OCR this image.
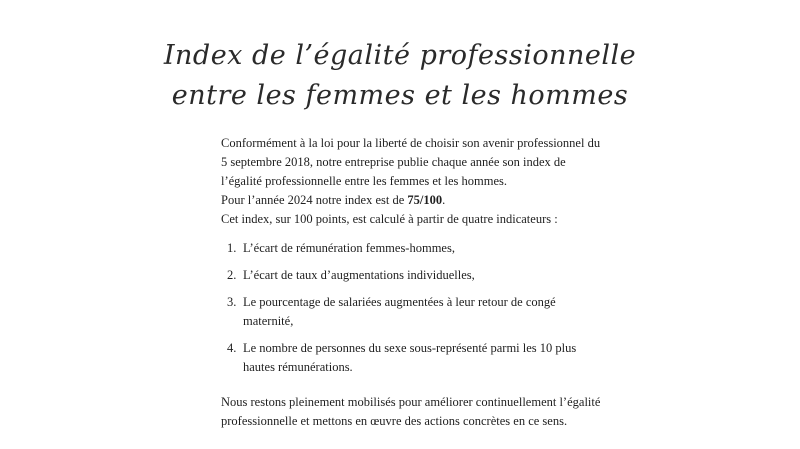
Index de l’égalité professionnelle
entre les femmes et les hommes

Conformément à la loi pour la liberté de choisir son avenir professionnel du 5 septembre 2018, notre entreprise publie chaque année son index de l’égalité professionnelle entre les femmes et les hommes.

Pour l’année 2024 notre index est de 75/100.

Cet index, sur 100 points, est calculé à partir de quatre indicateurs :

1. L’écart de rémunération femmes-hommes,
2. L’écart de taux d’augmentations individuelles,
3. Le pourcentage de salariées augmentées à leur retour de congé maternité,
4. Le nombre de personnes du sexe sous-représenté parmi les 10 plus hautes rémunérations.

Nous restons pleinement mobilisés pour améliorer continuellement l’égalité professionnelle et mettons en œuvre des actions concrètes en ce sens.
